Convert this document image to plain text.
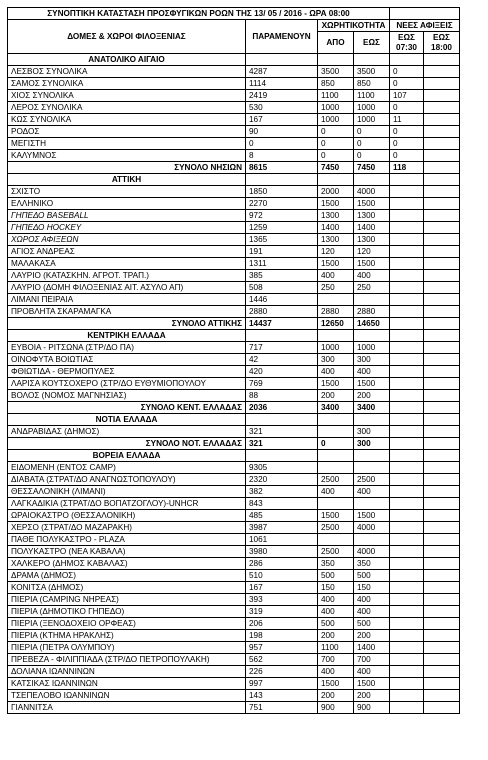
ΣΥΝΟΠΤΙΚΗ ΚΑΤΑΣΤΑΣΗ ΠΡΟΣΦΥΓΙΚΩΝ ΡΟΩΝ ΤΗΣ 13/ 05 / 2016 - ΩΡΑ 08:00					
ΔΟΜΕΣ & ΧΩΡΟΙ ΦΙΛΟΞΕΝΙΑΣ	ΠΑΡΑΜΕΝΟΥΝ	ΧΩΡΗΤΙΚΟΤΗΤΑ		ΝΕΕΣ ΑΦΙΞΕΙΣ	
		ΑΠΟ	ΕΩΣ	ΕΩΣ 07:30	ΕΩΣ 18:00
ΑΝΑΤΟΛΙΚΟ ΑΙΓΑΙΟ					
ΛΕΣΒΟΣ ΣΥΝΟΛΙΚΑ	4287	3500	3500	0	
ΣΑΜΟΣ ΣΥΝΟΛΙΚΑ	1114	850	850	0	
ΧΙΟΣ ΣΥΝΟΛΙΚΑ	2419	1100	1100	107	
ΛΕΡΟΣ ΣΥΝΟΛΙΚΑ	530	1000	1000	0	
ΚΩΣ ΣΥΝΟΛΙΚΑ	167	1000	1000	11	
ΡΟΔΟΣ	90	0	0	0	
ΜΕΓΙΣΤΗ	0	0	0	0	
ΚΑΛΥΜΝΟΣ	8	0	0	0	
ΣΥΝΟΛΟ ΝΗΣΙΩΝ	8615	7450	7450	118	
ΑΤΤΙΚΗ					
ΣΧΙΣΤΟ	1850	2000	4000		
ΕΛΛΗΝΙΚΟ	2270	1500	1500		
ΓΗΠΕΔΟ BASEBALL	972	1300	1300		
ΓΗΠΕΔΟ HOCKEY	1259	1400	1400		
ΧΩΡΟΣ ΑΦΙΞΕΩΝ	1365	1300	1300		
ΑΓΙΟΣ ΑΝΔΡΕΑΣ	191	120	120		
ΜΑΛΑΚΑΣΑ	1311	1500	1500		
ΛΑΥΡΙΟ (ΚΑΤΑΣΚΗΝ. ΑΓΡΟΤ. ΤΡΑΠ.)	385	400	400		
ΛΑΥΡΙΟ (ΔΟΜΗ ΦΙΛΟΞΕΝΙΑΣ ΑΙΤ. ΑΣΥΛΟ ΑΠ)	508	250	250		
ΛΙΜΑΝΙ ΠΕΙΡΑΙΑ	1446				
ΠΡΟΒΛΗΤΑ ΣΚΑΡΑΜΑΓΚΑ	2880	2880	2880		
ΣΥΝΟΛΟ ΑΤΤΙΚΗΣ	14437	12650	14650		
ΚΕΝΤΡΙΚΗ ΕΛΛΑΔΑ					
ΕΥΒΟΙΑ - ΡΙΤΣΩΝΑ (ΣΤΡ/ΔΟ ΠΑ)	717	1000	1000		
ΟΙΝΟΦΥΤΑ ΒΟΙΩΤΙΑΣ	42	300	300		
ΦΘΙΩΤΙΔΑ - ΘΕΡΜΟΠΥΛΕΣ	420	400	400		
ΛΑΡΙΣΑ ΚΟΥΤΣΟΧΕΡΟ (ΣΤΡ/ΔΟ ΕΥΘΥΜΙΟΠΟΥΛΟΥ	769	1500	1500		
ΒΟΛΟΣ (ΝΟΜΟΣ ΜΑΓΝΗΣΙΑΣ)	88	200	200		
ΣΥΝΟΛΟ ΚΕΝΤ. ΕΛΛΑΔΑΣ	2036	3400	3400		
ΝΟΤΙΑ ΕΛΛΑΔΑ					
ΑΝΔΡΑΒΙΔΑΣ (ΔΗΜΟΣ)	321		300		
ΣΥΝΟΛΟ ΝΟΤ. ΕΛΛΑΔΑΣ	321	0	300		
ΒΟΡΕΙΑ ΕΛΛΑΔΑ					
ΕΙΔΟΜΕΝΗ (ΕΝΤΟΣ CAMP)	9305				
ΔΙΑΒΑΤΑ (ΣΤΡΑΤ/ΔΟ ΑΝΑΓΝΩΣΤΟΠΟΥΛΟΥ)	2320	2500	2500		
ΘΕΣΣΑΛΟΝΙΚΗ (ΛΙΜΑΝΙ)	382	400	400		
ΛΑΓΚΑΔΙΚΙΑ (ΣΤΡΑΤ/ΔΟ ΒΟΠΑΤΖΟΓΛΟΥ)-UNHCR	843				
ΩΡΑΙΟΚΑΣΤΡΟ (ΘΕΣΣΑΛΟΝΙΚΗ)	485	1500	1500		
ΧΕΡΣΟ (ΣΤΡΑΤ/ΔΟ ΜΑΖΑΡΑΚΗ)	3987	2500	4000		
ΠΑΘΕ ΠΟΛΥΚΑΣΤΡΟ - PLAZA	1061				
ΠΟΛΥΚΑΣΤΡΟ (ΝΕΑ ΚΑΒΑΛΑ)	3980	2500	4000		
ΧΑΛΚΕΡΟ (ΔΗΜΟΣ ΚΑΒΑΛΑΣ)	286	350	350		
ΔΡΑΜΑ (ΔΗΜΟΣ)	510	500	500		
ΚΟΝΙΤΣΑ (ΔΗΜΟΣ)	167	150	150		
ΠΙΕΡΙΑ (CAMPING ΝΗΡΕΑΣ)	393	400	400		
ΠΙΕΡΙΑ (ΔΗΜΟΤΙΚΟ ΓΗΠΕΔΟ)	319	400	400		
ΠΙΕΡΙΑ (ΞΕΝΟΔΟΧΕΙΟ ΟΡΦΕΑΣ)	206	500	500		
ΠΙΕΡΙΑ (ΚΤΗΜΑ ΗΡΑΚΛΗΣ)	198	200	200		
ΠΙΕΡΙΑ (ΠΕΤΡΑ ΟΛΥΜΠΟΥ)	957	1100	1400		
ΠΡΕΒΕΖΑ - ΦΙΛΙΠΠΙΑΔΑ (ΣΤΡ/ΔΟ ΠΕΤΡΟΠΟΥΛΑΚΗ)	562	700	700		
ΔΟΛΙΑΝΑ ΙΩΑΝΝΙΝΩΝ	226	400	400		
ΚΑΤΣΙΚΑΣ ΙΩΑΝΝΙΝΩΝ	997	1500	1500		
ΤΣΕΠΕΛΟΒΟ ΙΩΑΝΝΙΝΩΝ	143	200	200		
ΓΙΑΝΝΙΤΣΑ	751	900	900		
